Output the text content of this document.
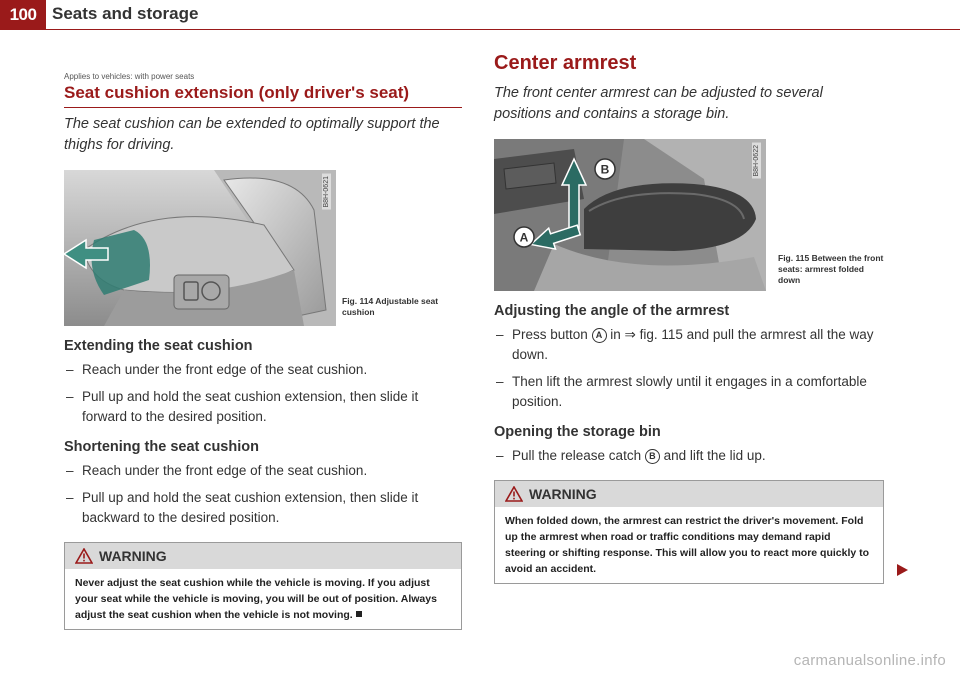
100 Seats and storage
Applies to vehicles: with power seats
Seat cushion extension (only driver's seat)

The seat cushion can be extended to optimally support the thighs for driving.

B8H-0621
Fig. 114 Adjustable seat cushion
Extending the seat cushion
– Reach under the front edge of the seat cushion.
– Pull up and hold the seat cushion extension, then slide it forward to the desired position.
Shortening the seat cushion
– Reach under the front edge of the seat cushion.
– Pull up and hold the seat cushion extension, then slide it backward to the desired position.
WARNING
Never adjust the seat cushion while the vehicle is moving. If you adjust your seat while the vehicle is moving, you will be out of position. Always adjust the seat cushion when the vehicle is not moving.
Center armrest

The front center armrest can be adjusted to several positions and contains a storage bin.

B
A
B8H-0622
Fig. 115 Between the front seats: armrest folded down
Adjusting the angle of the armrest
– Press button A in ⇒ fig. 115 and pull the armrest all the way down.
– Then lift the armrest slowly until it engages in a comfortable position.
Opening the storage bin
– Pull the release catch B and lift the lid up.
WARNING
When folded down, the armrest can restrict the driver's movement. Fold up the armrest when road or traffic conditions may demand rapid steering or shifting response. This will allow you to react more quickly to avoid an accident.
carmanualsonline.info
